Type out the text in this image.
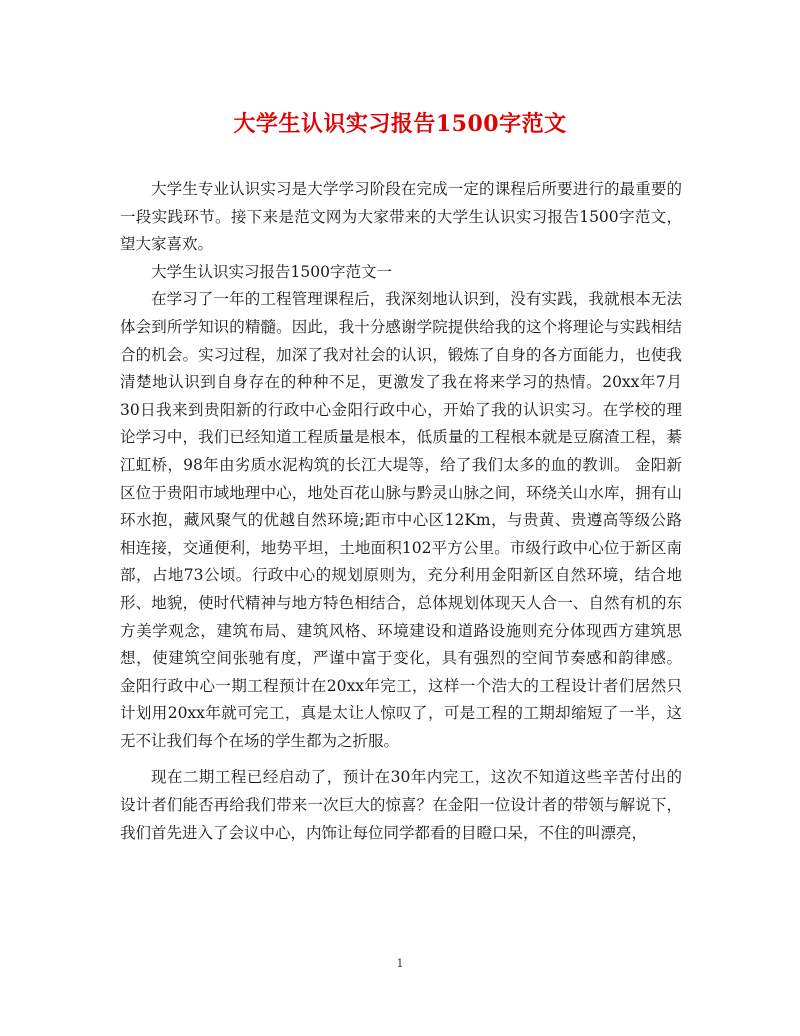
大学生认识实习报告1500字范文

大学生专业认识实习是大学学习阶段在完成一定的课程后所要进行的最重要的一段实践环节。接下来是范文网为大家带来的大学生认识实习报告1500字范文，望大家喜欢。

大学生认识实习报告1500字范文一

在学习了一年的工程管理课程后，我深刻地认识到，没有实践，我就根本无法体会到所学知识的精髓。因此，我十分感谢学院提供给我的这个将理论与实践相结合的机会。实习过程，加深了我对社会的认识，锻炼了自身的各方面能力，也使我清楚地认识到自身存在的种种不足，更激发了我在将来学习的热情。20xx年7月30日我来到贵阳新的行政中心金阳行政中心，开始了我的认识实习。在学校的理论学习中，我们已经知道工程质量是根本，低质量的工程根本就是豆腐渣工程，綦江虹桥，98年由劣质水泥构筑的长江大堤等，给了我们太多的血的教训。 金阳新区位于贵阳市域地理中心，地处百花山脉与黔灵山脉之间，环绕关山水库，拥有山环水抱，藏风聚气的优越自然环境;距市中心区12Km，与贵黄、贵遵高等级公路相连接，交通便利，地势平坦，土地面积102平方公里。市级行政中心位于新区南部，占地73公顷。行政中心的规划原则为，充分利用金阳新区自然环境，结合地形、地貌，使时代精神与地方特色相结合，总体规划体现天人合一、自然有机的东方美学观念，建筑布局、建筑风格、环境建设和道路设施则充分体现西方建筑思想，使建筑空间张驰有度，严谨中富于变化，具有强烈的空间节奏感和韵律感。 金阳行政中心一期工程预计在20xx年完工，这样一个浩大的工程设计者们居然只计划用20xx年就可完工，真是太让人惊叹了，可是工程的工期却缩短了一半，这无不让我们每个在场的学生都为之折服。

现在二期工程已经启动了，预计在30年内完工，这次不知道这些辛苦付出的设计者们能否再给我们带来一次巨大的惊喜？在金阳一位设计者的带领与解说下，我们首先进入了会议中心，内饰让每位同学都看的目瞪口呆，不住的叫漂亮，

1
